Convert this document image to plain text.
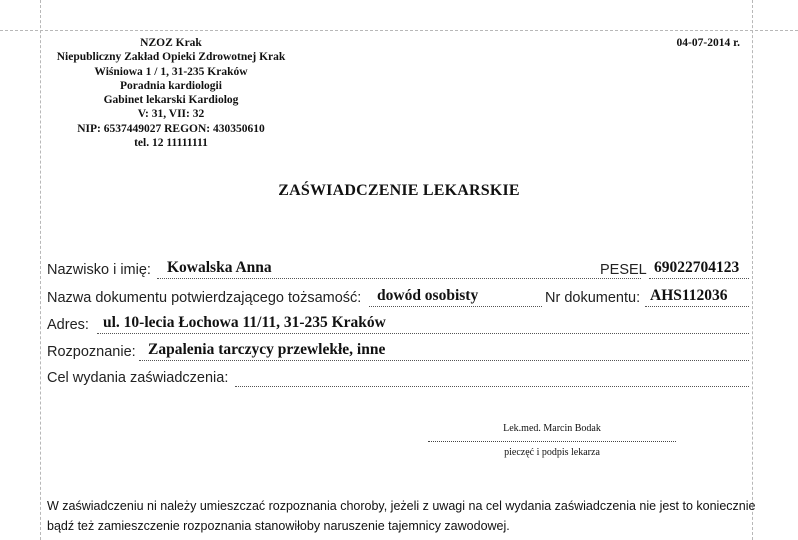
NZOZ Krak
Niepubliczny Zakład Opieki Zdrowotnej Krak
Wiśniowa 1 / 1, 31-235 Kraków
Poradnia kardiologii
Gabinet lekarski Kardiolog
V: 31, VII: 32
NIP: 6537449027 REGON: 430350610
tel. 12 11111111
04-07-2014 r.
ZAŚWIADCZENIE LEKARSKIE
Nazwisko i imię: Kowalska Anna	PESEL 69022704123
Nazwa dokumentu potwierdzającego tożsamość: dowód osobisty	Nr dokumentu: AHS112036
Adres: ul. 10-lecia Łochowa 11/11, 31-235 Kraków
Rozpoznanie: Zapalenia tarczycy przewlekłe, inne
Cel wydania zaświadczenia:
Lek.med. Marcin Bodak
pieczęć i podpis lekarza
W zaświadczeniu ni należy umieszczać rozpoznania choroby, jeżeli z uwagi na cel wydania zaświadczenia nie jest to koniecznie
bądź też zamieszczenie rozpoznania stanowiłoby naruszenie tajemnicy zawodowej.
